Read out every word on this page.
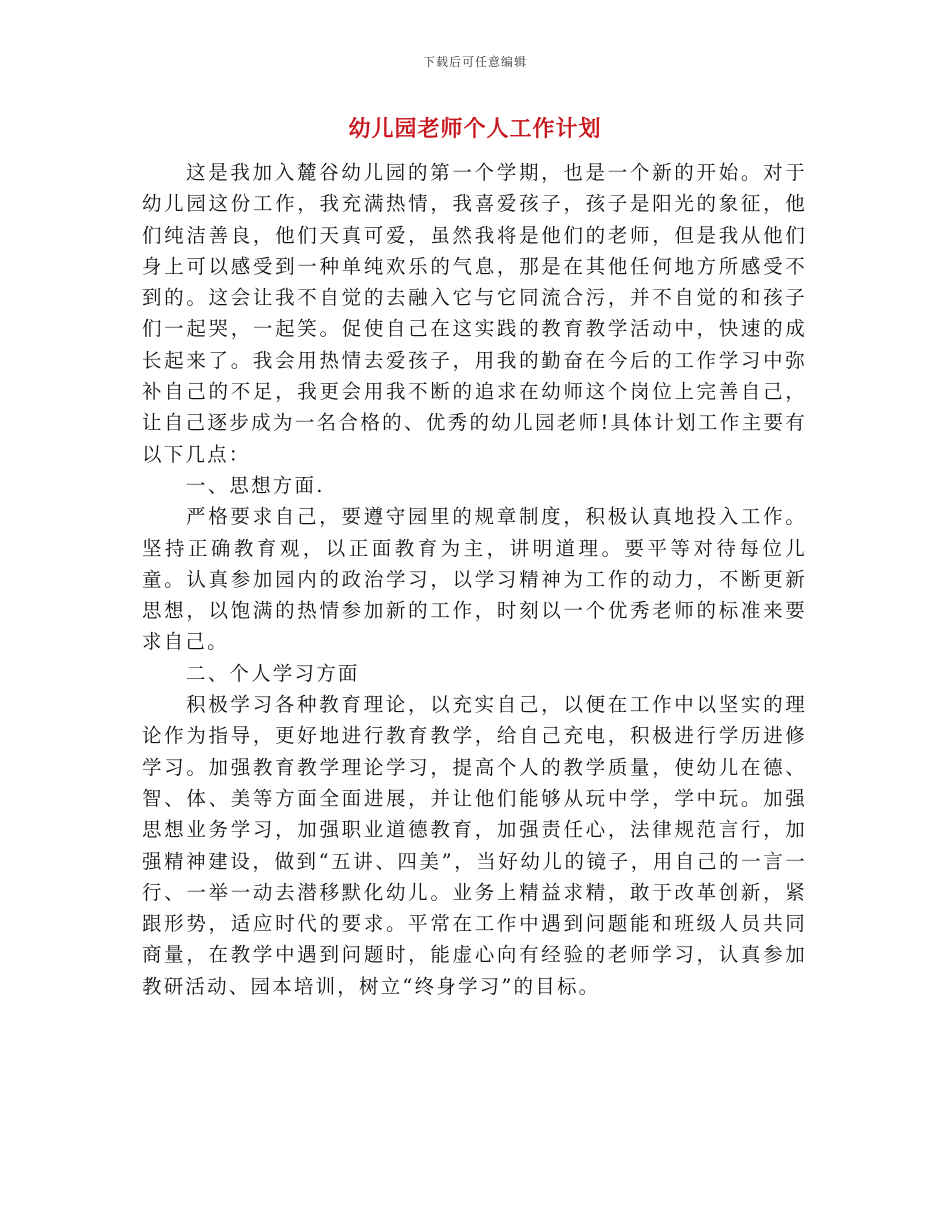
下载后可任意编辑
幼儿园老师个人工作计划

这是我加入麓谷幼儿园的第一个学期，也是一个新的开始。对于幼儿园这份工作，我充满热情，我喜爱孩子，孩子是阳光的象征，他们纯洁善良，他们天真可爱，虽然我将是他们的老师，但是我从他们身上可以感受到一种单纯欢乐的气息，那是在其他任何地方所感受不到的。这会让我不自觉的去融入它与它同流合污，并不自觉的和孩子们一起哭，一起笑。促使自己在这实践的教育教学活动中，快速的成长起来了。我会用热情去爱孩子，用我的勤奋在今后的工作学习中弥补自己的不足，我更会用我不断的追求在幼师这个岗位上完善自己，让自己逐步成为一名合格的、优秀的幼儿园老师!具体计划工作主要有以下几点：

一、思想方面.

严格要求自己，要遵守园里的规章制度，积极认真地投入工作。坚持正确教育观，以正面教育为主，讲明道理。要平等对待每位儿童。认真参加园内的政治学习，以学习精神为工作的动力，不断更新思想，以饱满的热情参加新的工作，时刻以一个优秀老师的标准来要求自己。

二、个人学习方面

积极学习各种教育理论，以充实自己，以便在工作中以坚实的理论作为指导，更好地进行教育教学，给自己充电，积极进行学历进修学习。加强教育教学理论学习，提高个人的教学质量，使幼儿在德、智、体、美等方面全面进展，并让他们能够从玩中学，学中玩。加强思想业务学习，加强职业道德教育，加强责任心，法律规范言行，加强精神建设，做到“五讲、四美”，当好幼儿的镜子，用自己的一言一行、一举一动去潜移默化幼儿。业务上精益求精，敢于改革创新，紧跟形势，适应时代的要求。平常在工作中遇到问题能和班级人员共同商量，在教学中遇到问题时，能虚心向有经验的老师学习，认真参加教研活动、园本培训，树立“终身学习”的目标。
